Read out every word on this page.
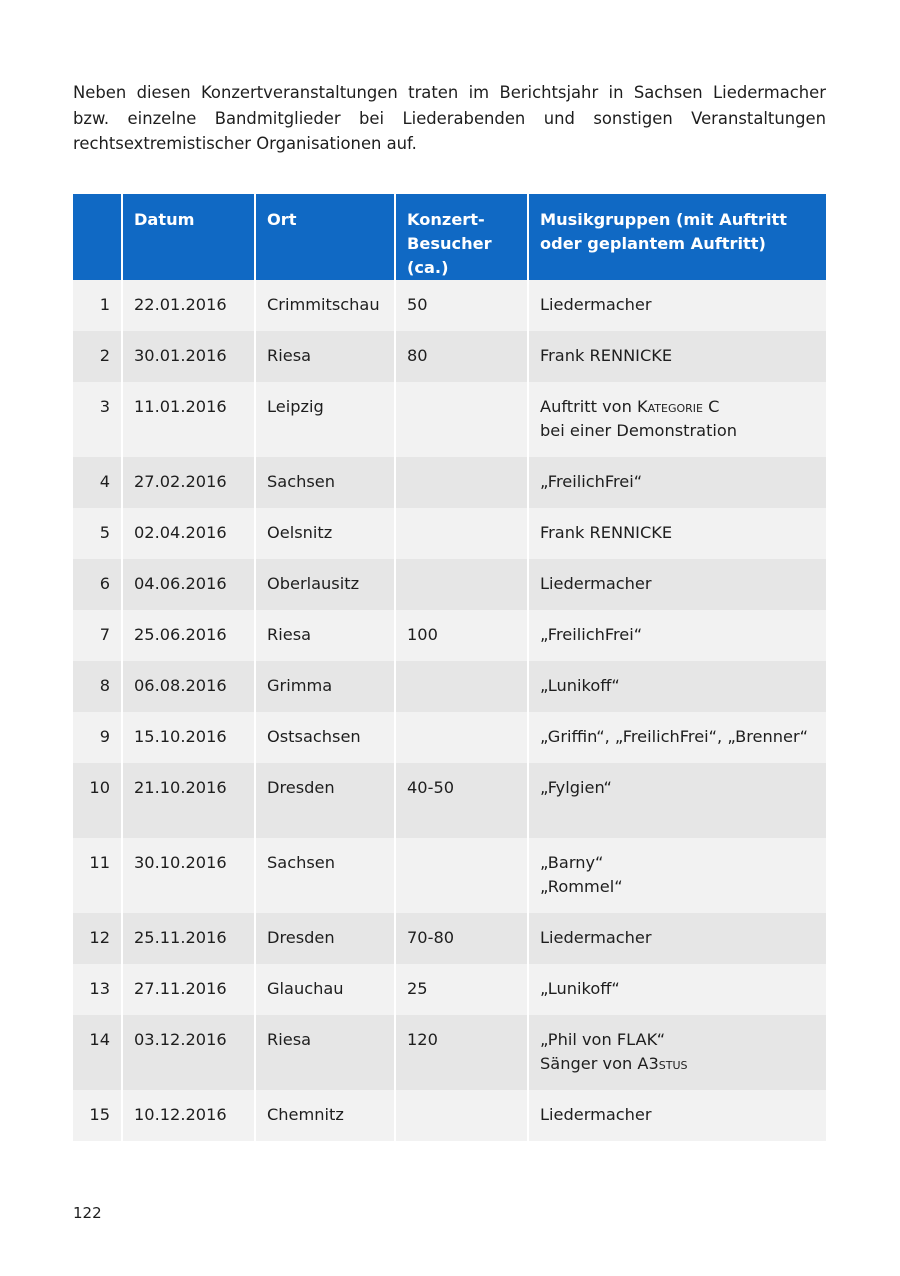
Neben diesen Konzertveranstaltungen traten im Berichtsjahr in Sachsen Liedermacher bzw. einzelne Bandmitglieder bei Liederabenden und sonstigen Veranstaltungen rechtsextremistischer Organisationen auf.

	Datum	Ort	Konzert-
Besucher (ca.)	Musikgruppen (mit Auftritt
oder geplantem Auftritt)

1	22.01.2016	Crimmitschau	50	Liedermacher
2	30.01.2016	Riesa	80	Frank RENNICKE
3	11.01.2016	Leipzig		Auftritt von Kategorie C
bei einer Demonstration

4	27.02.2016	Sachsen		„FreilichFrei“
5	02.04.2016	Oelsnitz		Frank RENNICKE
6	04.06.2016	Oberlausitz		Liedermacher
7	25.06.2016	Riesa	100	„FreilichFrei“
8	06.08.2016	Grimma		„Lunikoff“
9	15.10.2016	Ostsachsen		„Griffin“, „FreilichFrei“, „Brenner“
10	21.10.2016	Dresden	40-50	„Fylgien“
11	30.10.2016	Sachsen		„Barny“
„Rommel“

12	25.11.2016	Dresden	70-80	Liedermacher
13	27.11.2016	Glauchau	25	„Lunikoff“
14	03.12.2016	Riesa	120	„Phil von FLAK“
Sänger von A3stus

15	10.12.2016	Chemnitz		Liedermacher
122
